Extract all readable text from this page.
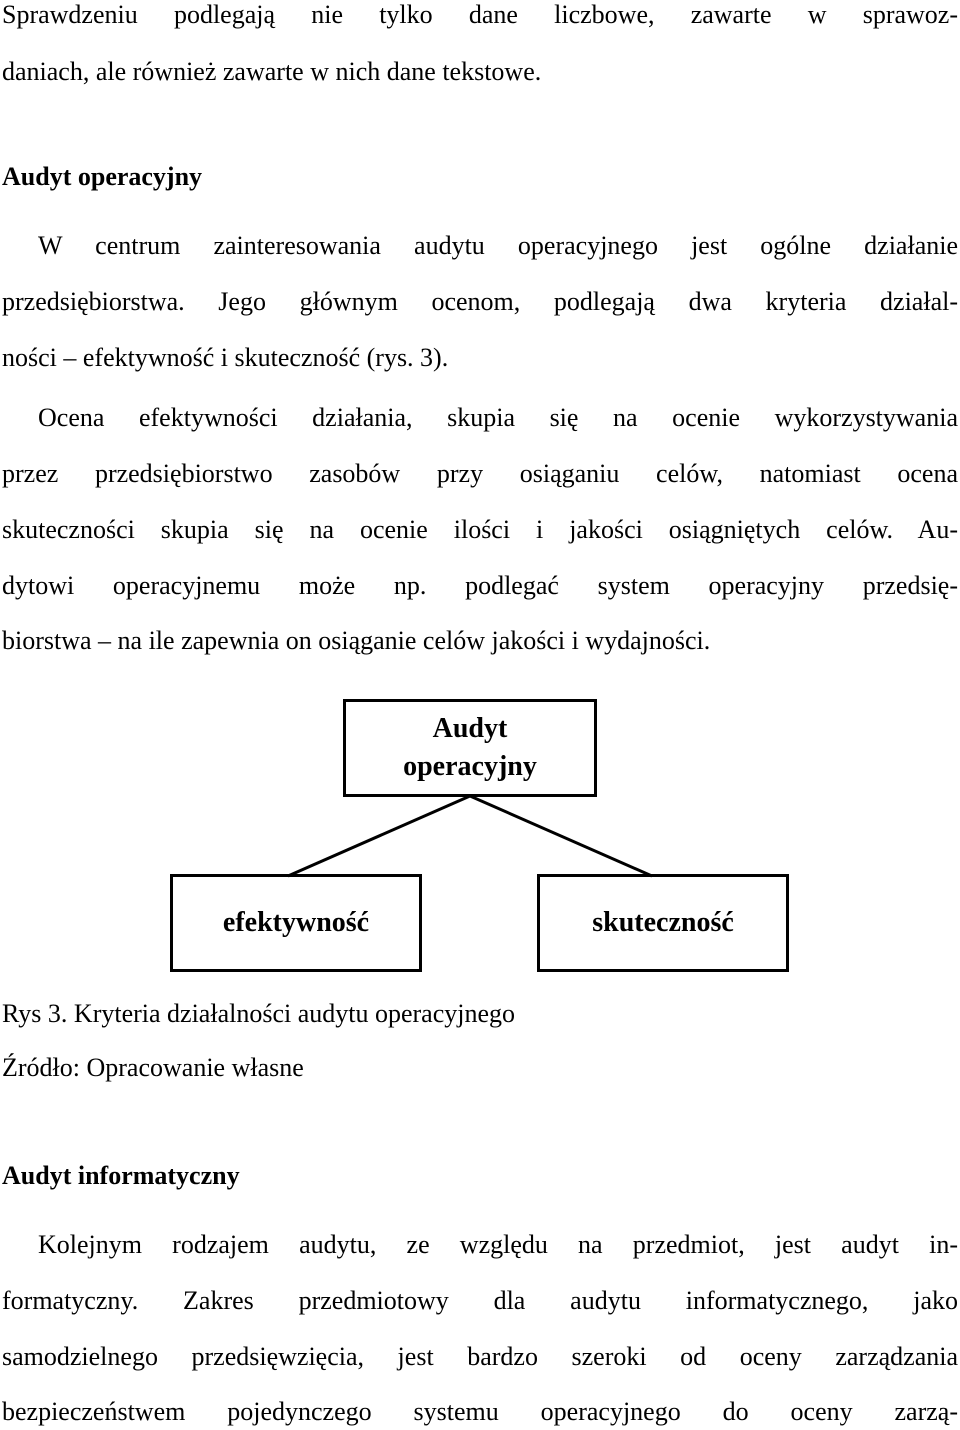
Sprawdzeniu podlegają nie tylko dane liczbowe, zawarte w sprawoz-
daniach, ale również zawarte w nich dane tekstowe.
Audyt operacyjny
W centrum zainteresowania audytu operacyjnego jest ogólne działanie
przedsiębiorstwa. Jego głównym ocenom, podlegają dwa kryteria działal-
ności – efektywność i skuteczność (rys. 3).
Ocena efektywności działania, skupia się na ocenie wykorzystywania
przez przedsiębiorstwo zasobów przy osiąganiu celów, natomiast ocena
skuteczności skupia się na ocenie ilości i jakości osiągniętych celów. Au-
dytowi operacyjnemu może np. podlegać system operacyjny przedsię-
biorstwa – na ile zapewnia on osiąganie celów jakości i wydajności.
Audyt
operacyjny
efektywność	skuteczność
Rys 3. Kryteria działalności audytu operacyjnego
Źródło: Opracowanie własne
Audyt informatyczny
Kolejnym rodzajem audytu, ze względu na przedmiot, jest audyt in-
formatyczny. Zakres przedmiotowy dla audytu informatycznego, jako
samodzielnego przedsięwzięcia, jest bardzo szeroki od oceny zarządzania
bezpieczeństwem pojedynczego systemu operacyjnego do oceny zarzą-
